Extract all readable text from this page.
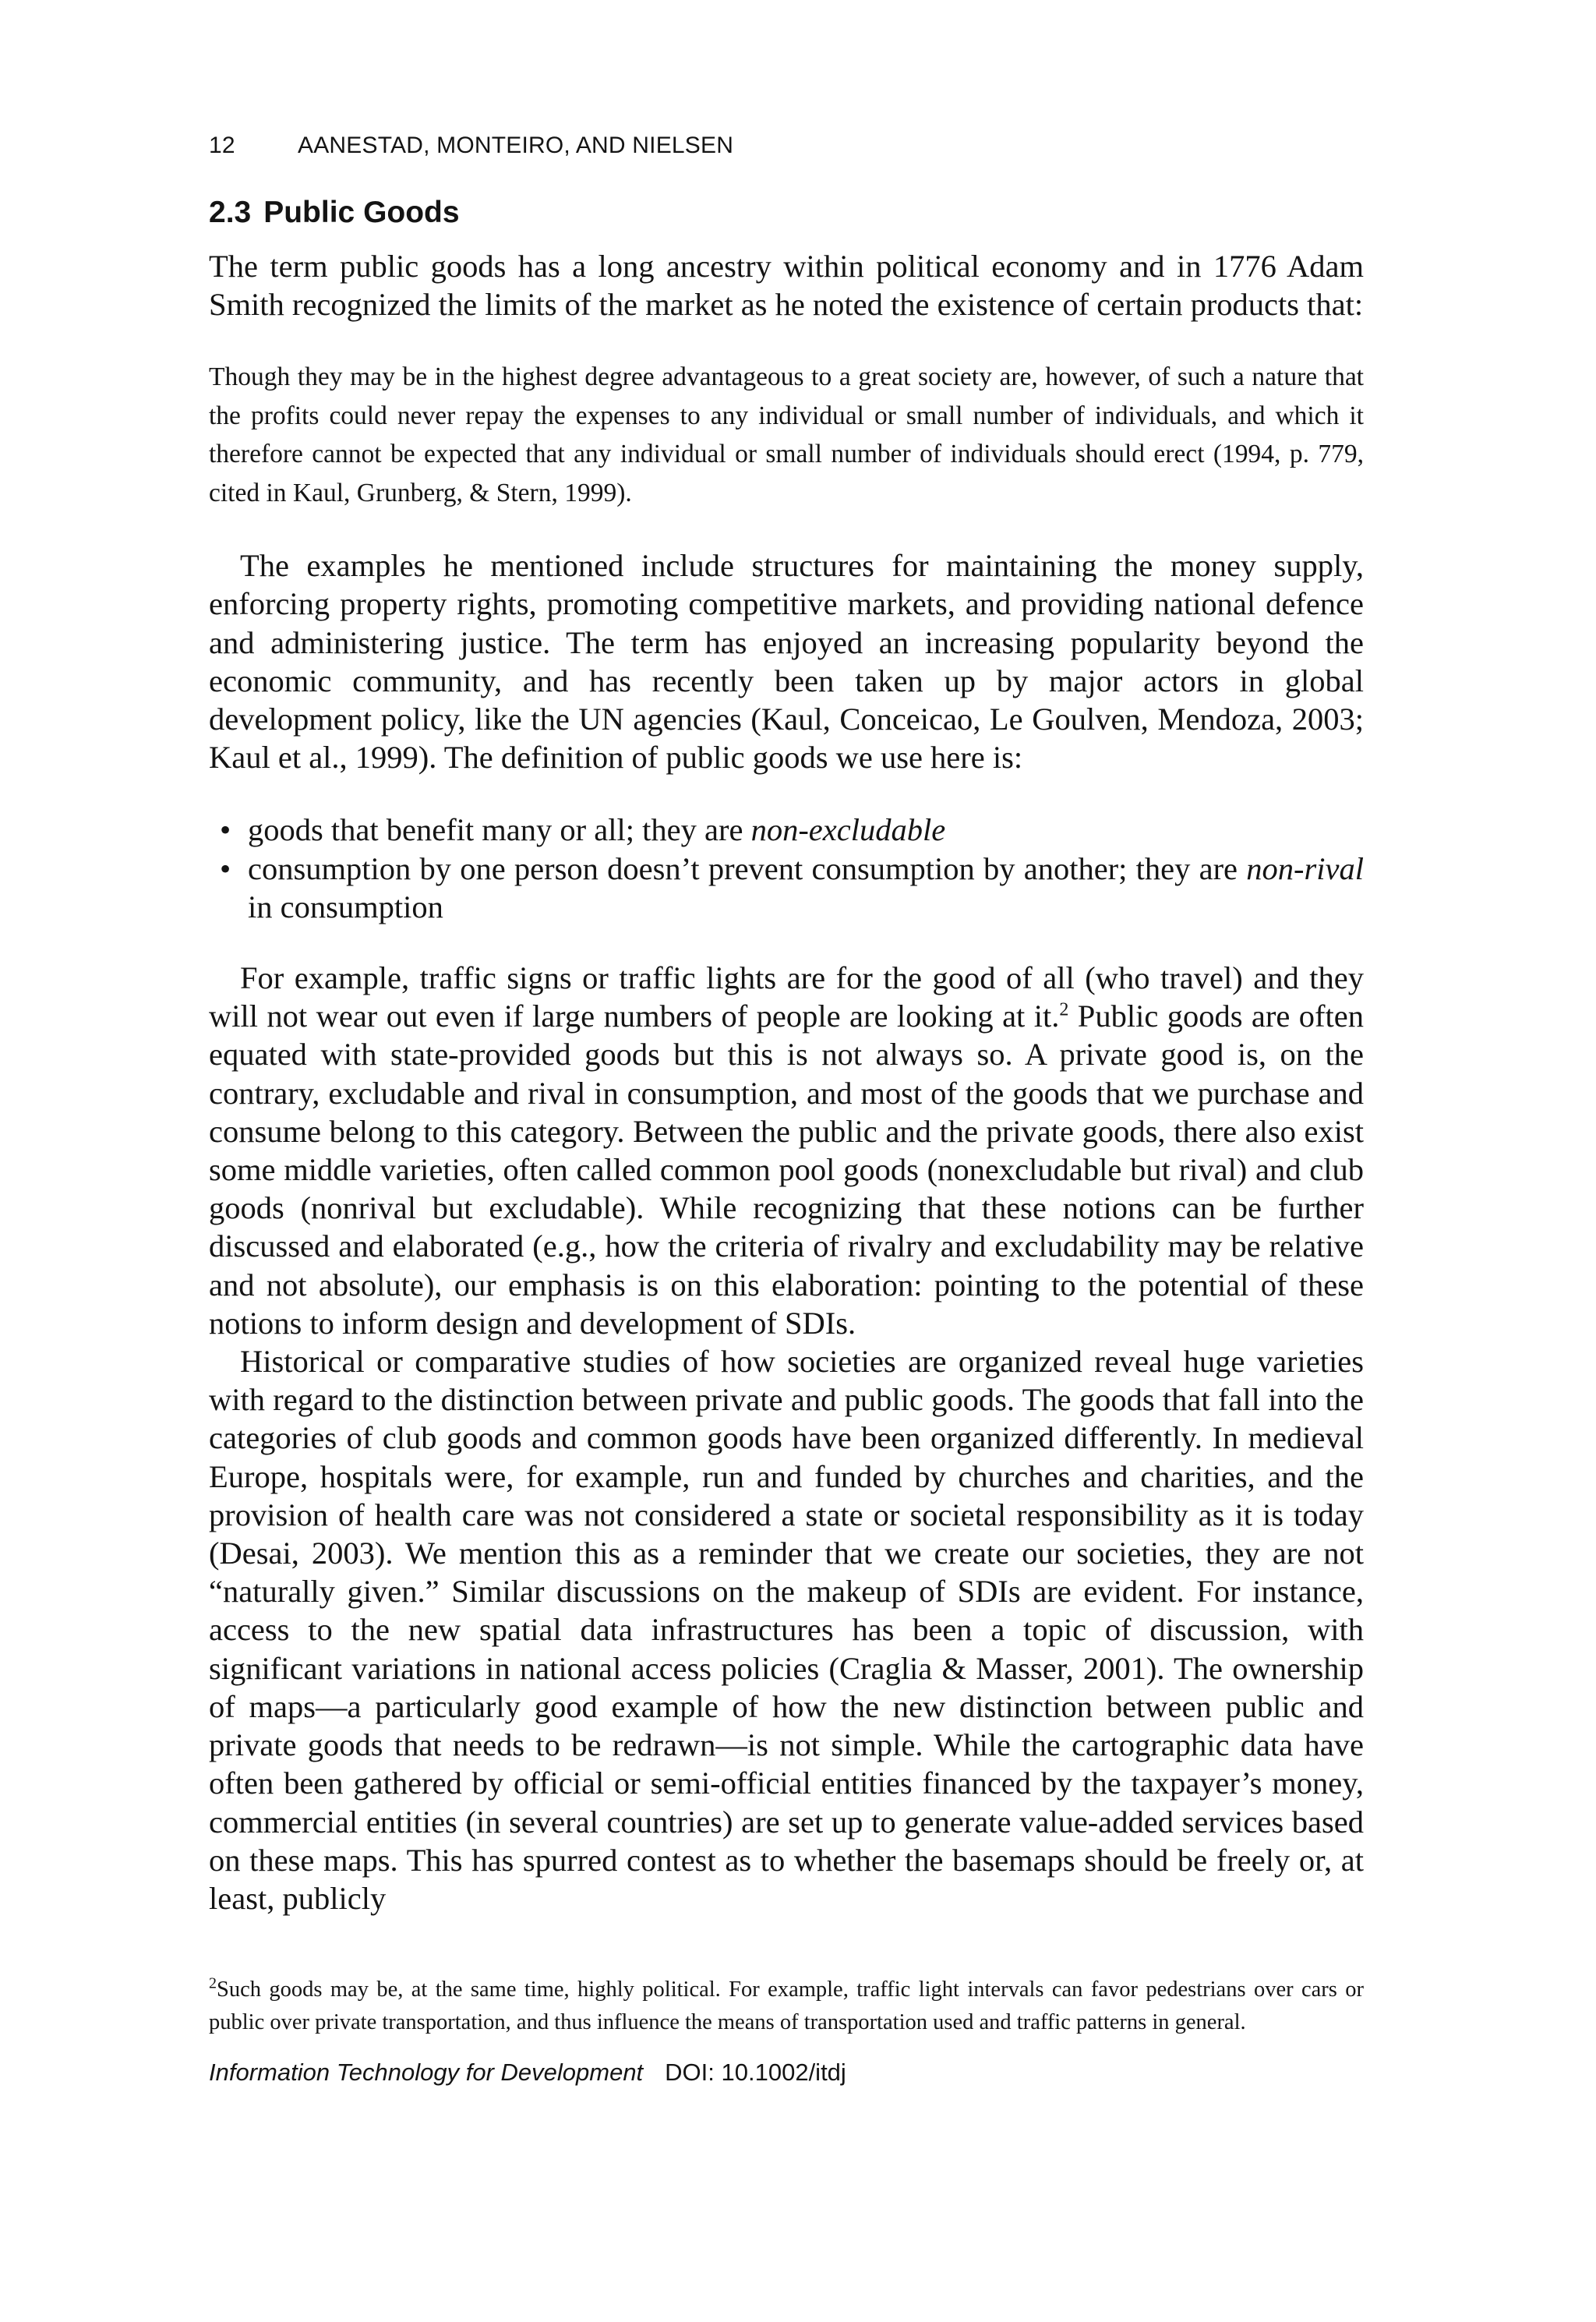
12	AANESTAD, MONTEIRO, AND NIELSEN
2.3 Public Goods

The term public goods has a long ancestry within political economy and in 1776 Adam Smith recognized the limits of the market as he noted the existence of certain products that:

Though they may be in the highest degree advantageous to a great society are, however, of such a nature that the profits could never repay the expenses to any individual or small number of individuals, and which it therefore cannot be expected that any individual or small number of individuals should erect (1994, p. 779, cited in Kaul, Grunberg, & Stern, 1999).

The examples he mentioned include structures for maintaining the money supply, enforcing property rights, promoting competitive markets, and providing national defence and administering justice. The term has enjoyed an increasing popularity beyond the economic community, and has recently been taken up by major actors in global development policy, like the UN agencies (Kaul, Conceicao, Le Goulven, Mendoza, 2003; Kaul et al., 1999). The definition of public goods we use here is:

• goods that benefit many or all; they are non-excludable
• consumption by one person doesn’t prevent consumption by another; they are non-rival in consumption

For example, traffic signs or traffic lights are for the good of all (who travel) and they will not wear out even if large numbers of people are looking at it.$^2$ Public goods are often equated with state-provided goods but this is not always so. A private good is, on the contrary, excludable and rival in consumption, and most of the goods that we purchase and consume belong to this category. Between the public and the private goods, there also exist some middle varieties, often called common pool goods (nonexcludable but rival) and club goods (nonrival but excludable). While recognizing that these notions can be further discussed and elaborated (e.g., how the criteria of rivalry and excludability may be relative and not absolute), our emphasis is on this elaboration: pointing to the potential of these notions to inform design and development of SDIs.

Historical or comparative studies of how societies are organized reveal huge varieties with regard to the distinction between private and public goods. The goods that fall into the categories of club goods and common goods have been organized differently. In medieval Europe, hospitals were, for example, run and funded by churches and charities, and the provision of health care was not considered a state or societal responsibility as it is today (Desai, 2003). We mention this as a reminder that we create our societies, they are not “naturally given.” Similar discussions on the makeup of SDIs are evident. For instance, access to the new spatial data infrastructures has been a topic of discussion, with significant variations in national access policies (Craglia & Masser, 2001). The ownership of maps—a particularly good example of how the new distinction between public and private goods that needs to be redrawn—is not simple. While the cartographic data have often been gathered by official or semi-official entities financed by the taxpayer’s money, commercial entities (in several countries) are set up to generate value-added services based on these maps. This has spurred contest as to whether the basemaps should be freely or, at least, publicly

$^2$Such goods may be, at the same time, highly political. For example, traffic light intervals can favor pedestrians over cars or public over private transportation, and thus influence the means of transportation used and traffic patterns in general.
Information Technology for Development DOI: 10.1002/itdj
